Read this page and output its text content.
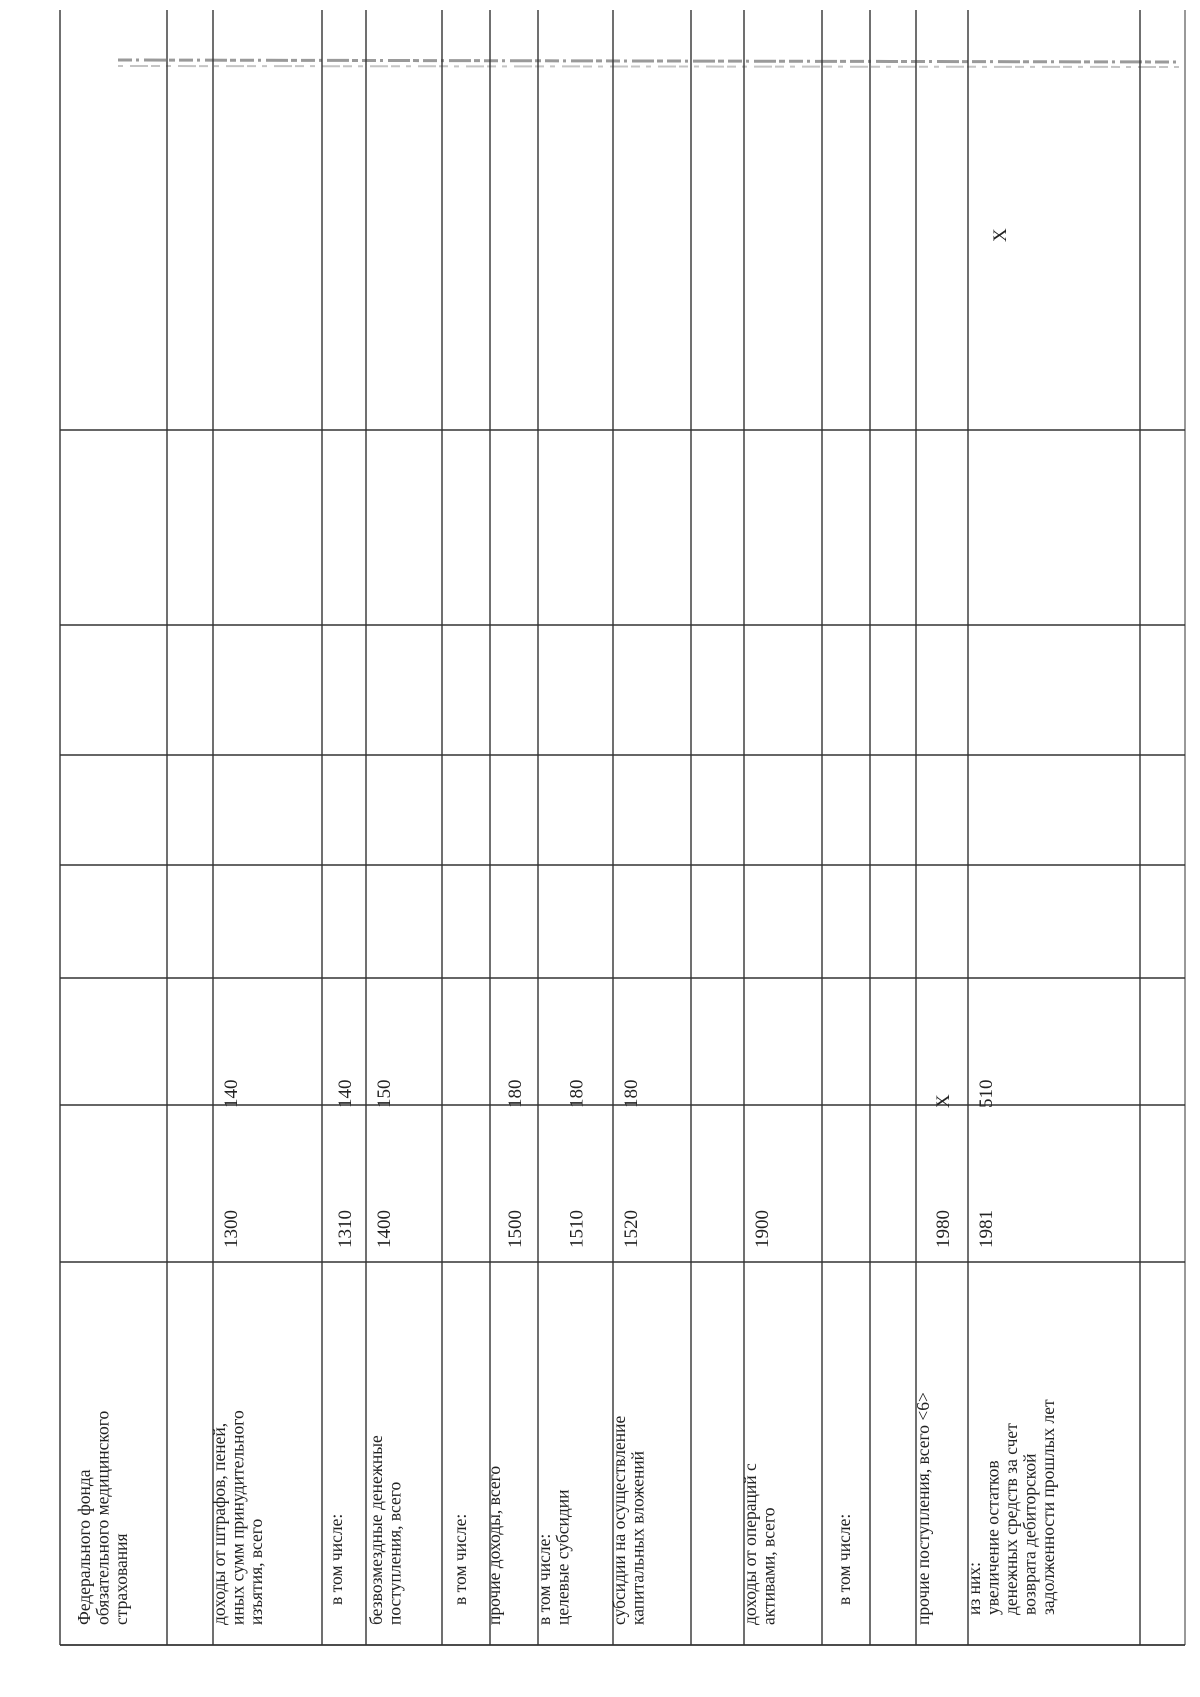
Федерального фондаобязательного медицинскогострахования	доходы от штрафов, пеней,иных сумм принудительногоизъятия, всего
1300
140
в том числе:
1310
140
безвозмездные денежныепоступления, всего
1400
150
в том числе: прочие доходы, всего
1500
180
в том числе:целевые субсидии
1510
180
субсидии на осуществлениекапитальных вложений
1520
180
доходы от операций сактивами, всего
1900
в том числе:	прочие поступления, всего <6>
1980
X
из них:увеличение остатковденежных средств за счетвозврата дебиторскойзадолженности прошлых лет
1981
510
X
